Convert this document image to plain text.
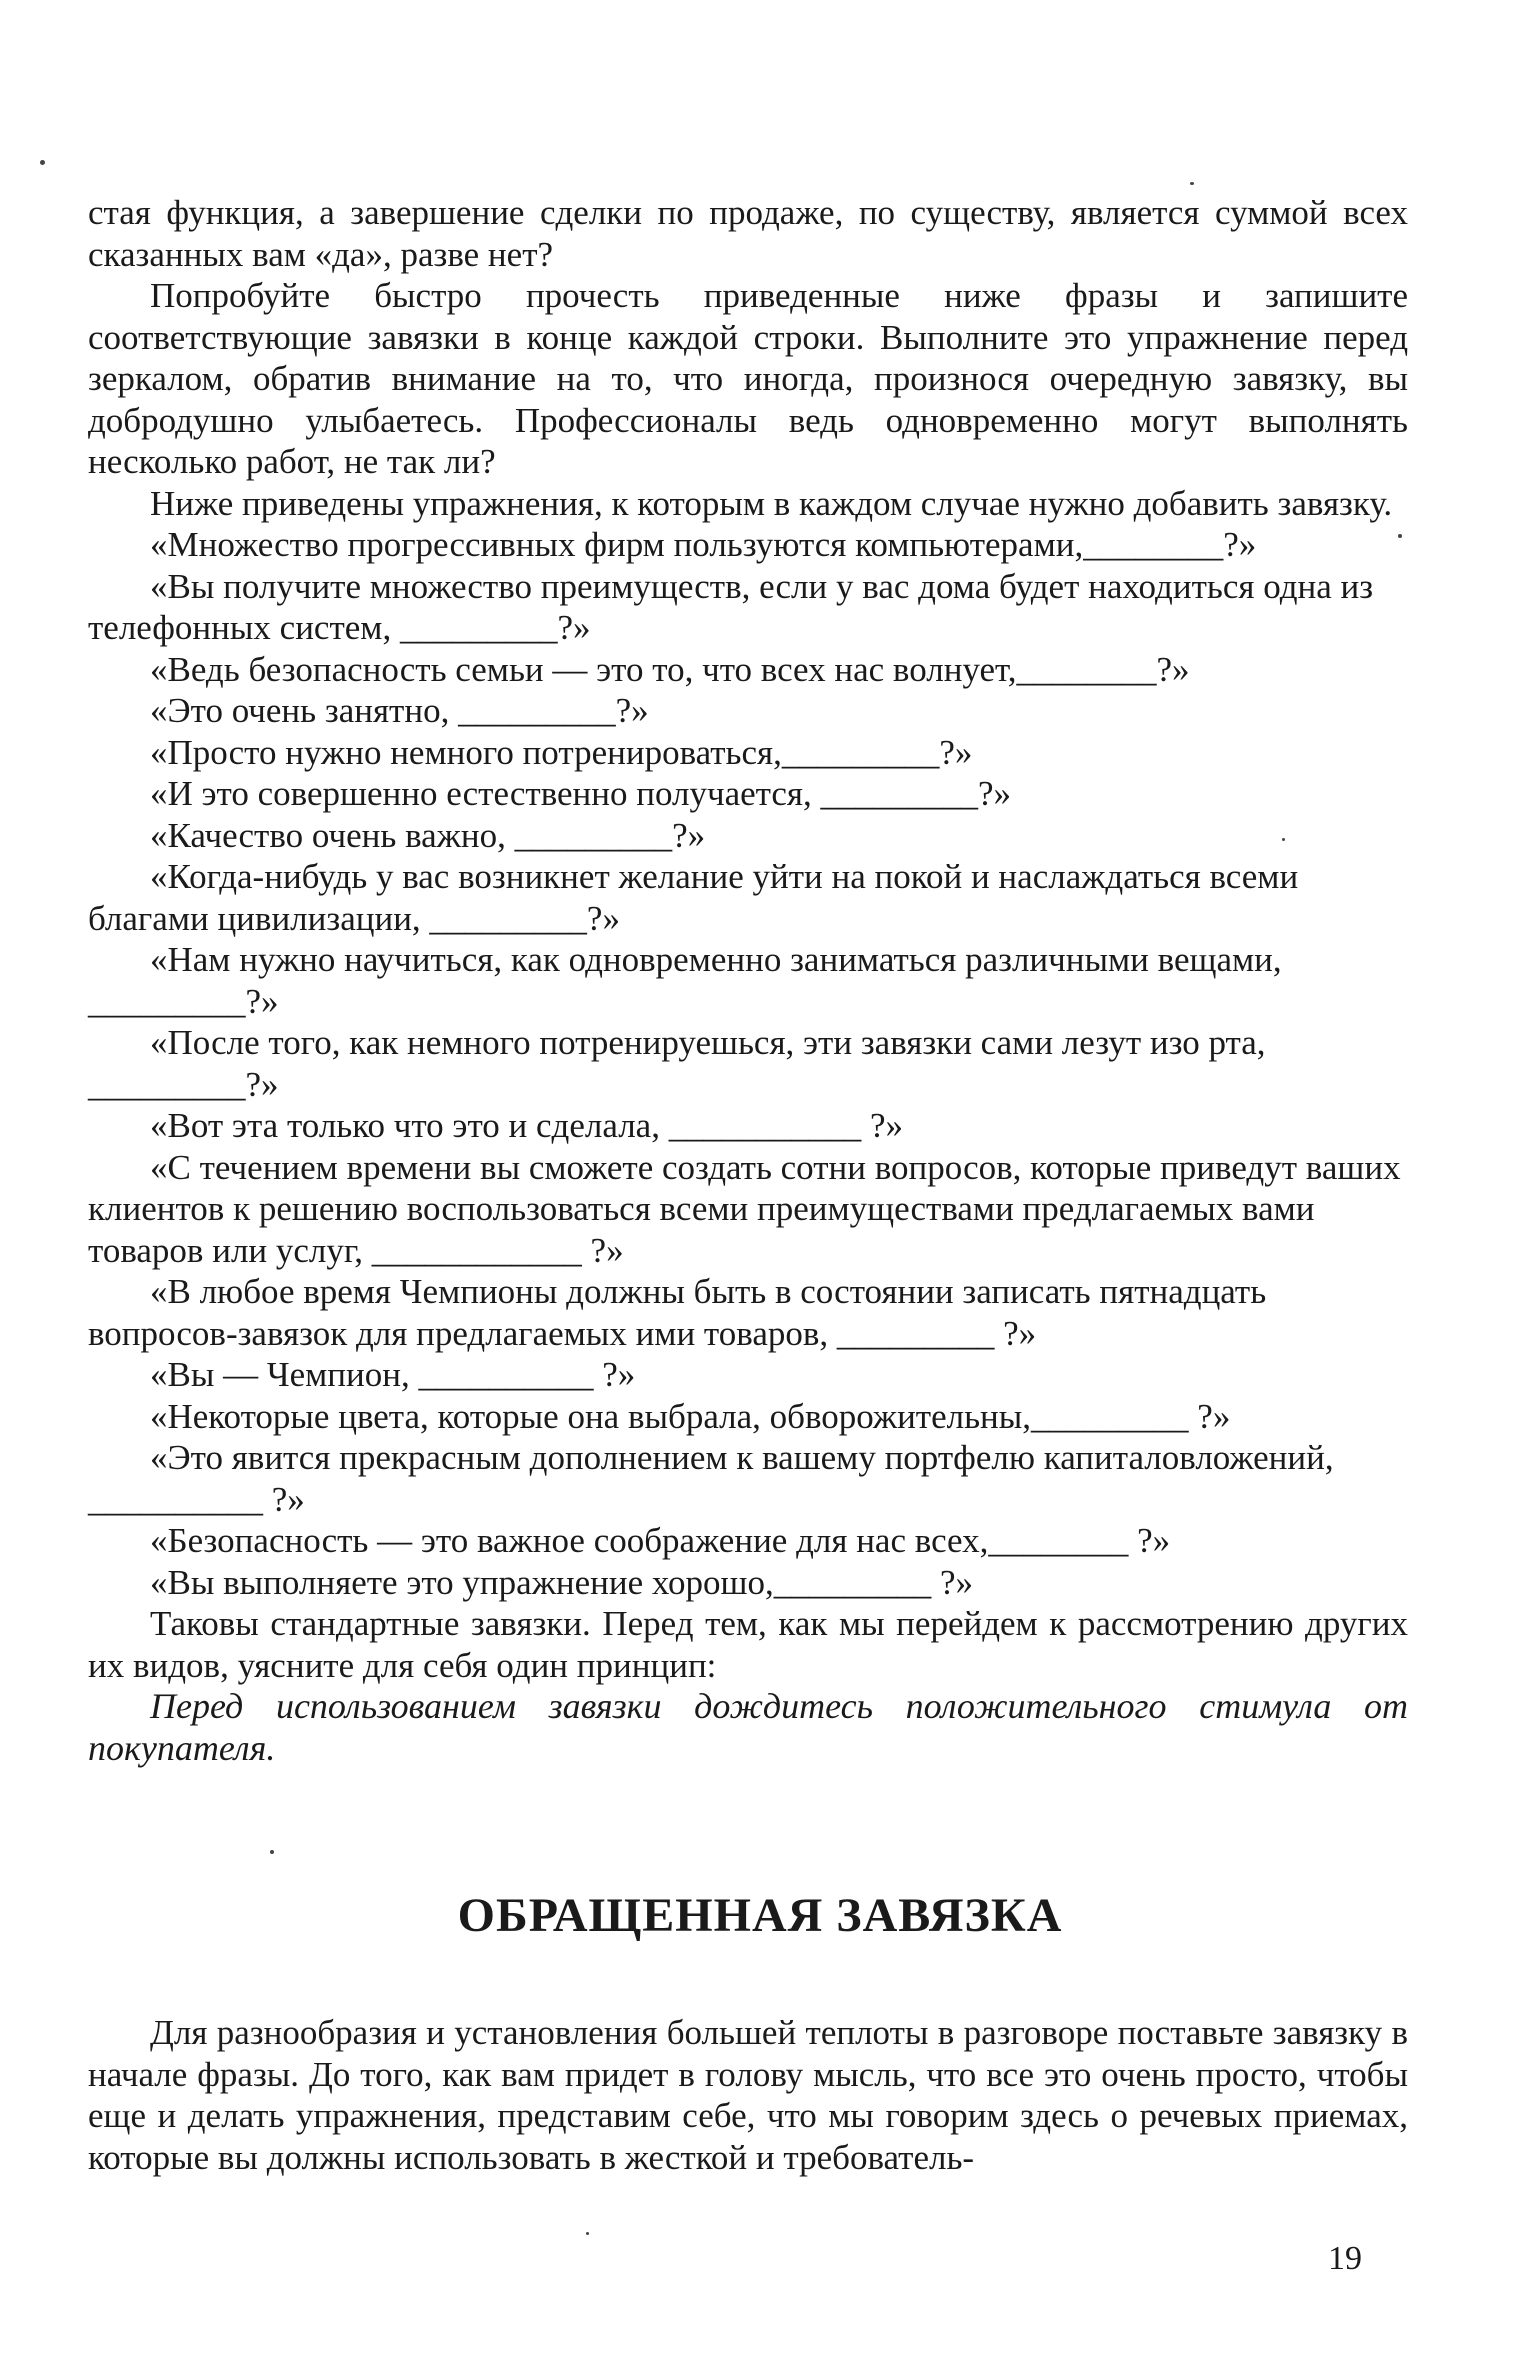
стая функция, а завершение сделки по продаже, по существу, является суммой всех сказанных вам «да», разве нет?

Попробуйте быстро прочесть приведенные ниже фразы и запишите соответствующие завязки в конце каждой строки. Выполните это упражнение перед зеркалом, обратив внимание на то, что иногда, произнося очередную завязку, вы добродушно улыбаетесь. Профессионалы ведь одновременно могут выполнять несколько работ, не так ли?

Ниже приведены упражнения, к которым в каждом случае нужно добавить завязку.

«Множество прогрессивных фирм пользуются компьютерами,________?»

«Вы получите множество преимуществ, если у вас дома будет находиться одна из телефонных систем, _________?»

«Ведь безопасность семьи — это то, что всех нас волнует,________?»

«Это очень занятно, _________?»

«Просто нужно немного потренироваться,_________?»

«И это совершенно естественно получается, _________?»

«Качество очень важно, _________?»

«Когда-нибудь у вас возникнет желание уйти на покой и наслаждаться всеми благами цивилизации, _________?»

«Нам нужно научиться, как одновременно заниматься различными вещами, _________?»

«После того, как немного потренируешься, эти завязки сами лезут изо рта, _________?»

«Вот эта только что это и сделала, ___________ ?»

«С течением времени вы сможете создать сотни вопросов, которые приведут ваших клиентов к решению воспользоваться всеми преимуществами предлагаемых вами товаров или услуг, ____________ ?»

«В любое время Чемпионы должны быть в состоянии записать пятнадцать вопросов-завязок для предлагаемых ими товаров, _________ ?»

«Вы — Чемпион, __________ ?»

«Некоторые цвета, которые она выбрала, обворожительны,_________ ?»

«Это явится прекрасным дополнением к вашему портфелю капиталовложений, __________ ?»

«Безопасность — это важное соображение для нас всех,________ ?»

«Вы выполняете это упражнение хорошо,_________ ?»

Таковы стандартные завязки. Перед тем, как мы перейдем к рассмотрению других их видов, уясните для себя один принцип:

Перед использованием завязки дождитесь положительного стимула от покупателя.

ОБРАЩЕННАЯ ЗАВЯЗКА

Для разнообразия и установления большей теплоты в разговоре поставьте завязку в начале фразы. До того, как вам придет в голову мысль, что все это очень просто, чтобы еще и делать упражнения, представим себе, что мы говорим здесь о речевых приемах, которые вы должны использовать в жесткой и требователь-

19
